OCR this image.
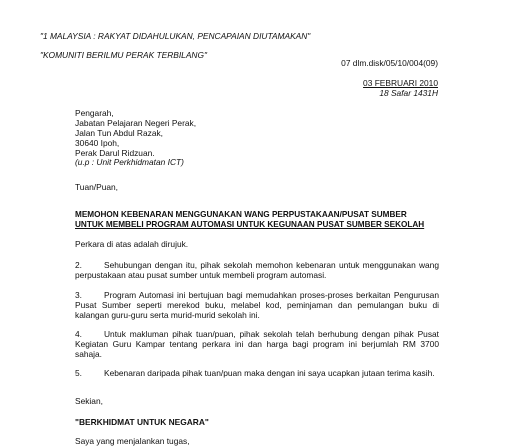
"1 MALAYSIA : RAKYAT DIDAHULUKAN, PENCAPAIAN DIUTAMAKAN"
"KOMUNITI BERILMU PERAK TERBILANG"
07 dlm.disk/05/10/004(09)
03 FEBRUARI 2010
18 Safar 1431H
Pengarah,
Jabatan Pelajaran Negeri Perak,
Jalan Tun Abdul Razak,
30640 Ipoh,
Perak Darul Ridzuan.
(u.p : Unit Perkhidmatan ICT)
Tuan/Puan,
MEMOHON KEBENARAN MENGGUNAKAN WANG PERPUSTAKAAN/PUSAT SUMBER
UNTUK MEMBELI PROGRAM AUTOMASI UNTUK KEGUNAAN PUSAT SUMBER SEKOLAH
Perkara di atas adalah dirujuk.
2.	Sehubungan dengan itu, pihak sekolah memohon kebenaran untuk menggunakan wang
perpustakaan atau pusat sumber untuk membeli program automasi.
3.	Program Automasi ini bertujuan bagi memudahkan proses-proses berkaitan Pengurusan
Pusat Sumber seperti merekod buku, melabel kod, peminjaman dan pemulangan buku di
kalangan guru-guru serta murid-murid sekolah ini.
4.	Untuk makluman pihak tuan/puan, pihak sekolah telah berhubung dengan pihak Pusat
Kegiatan Guru Kampar tentang perkara ini dan harga bagi program ini berjumlah RM 3700
sahaja.
5.	Kebenaran daripada pihak tuan/puan maka dengan ini saya ucapkan jutaan terima kasih.
Sekian,
"BERKHIDMAT UNTUK NEGARA"
Saya yang menjalankan tugas,
